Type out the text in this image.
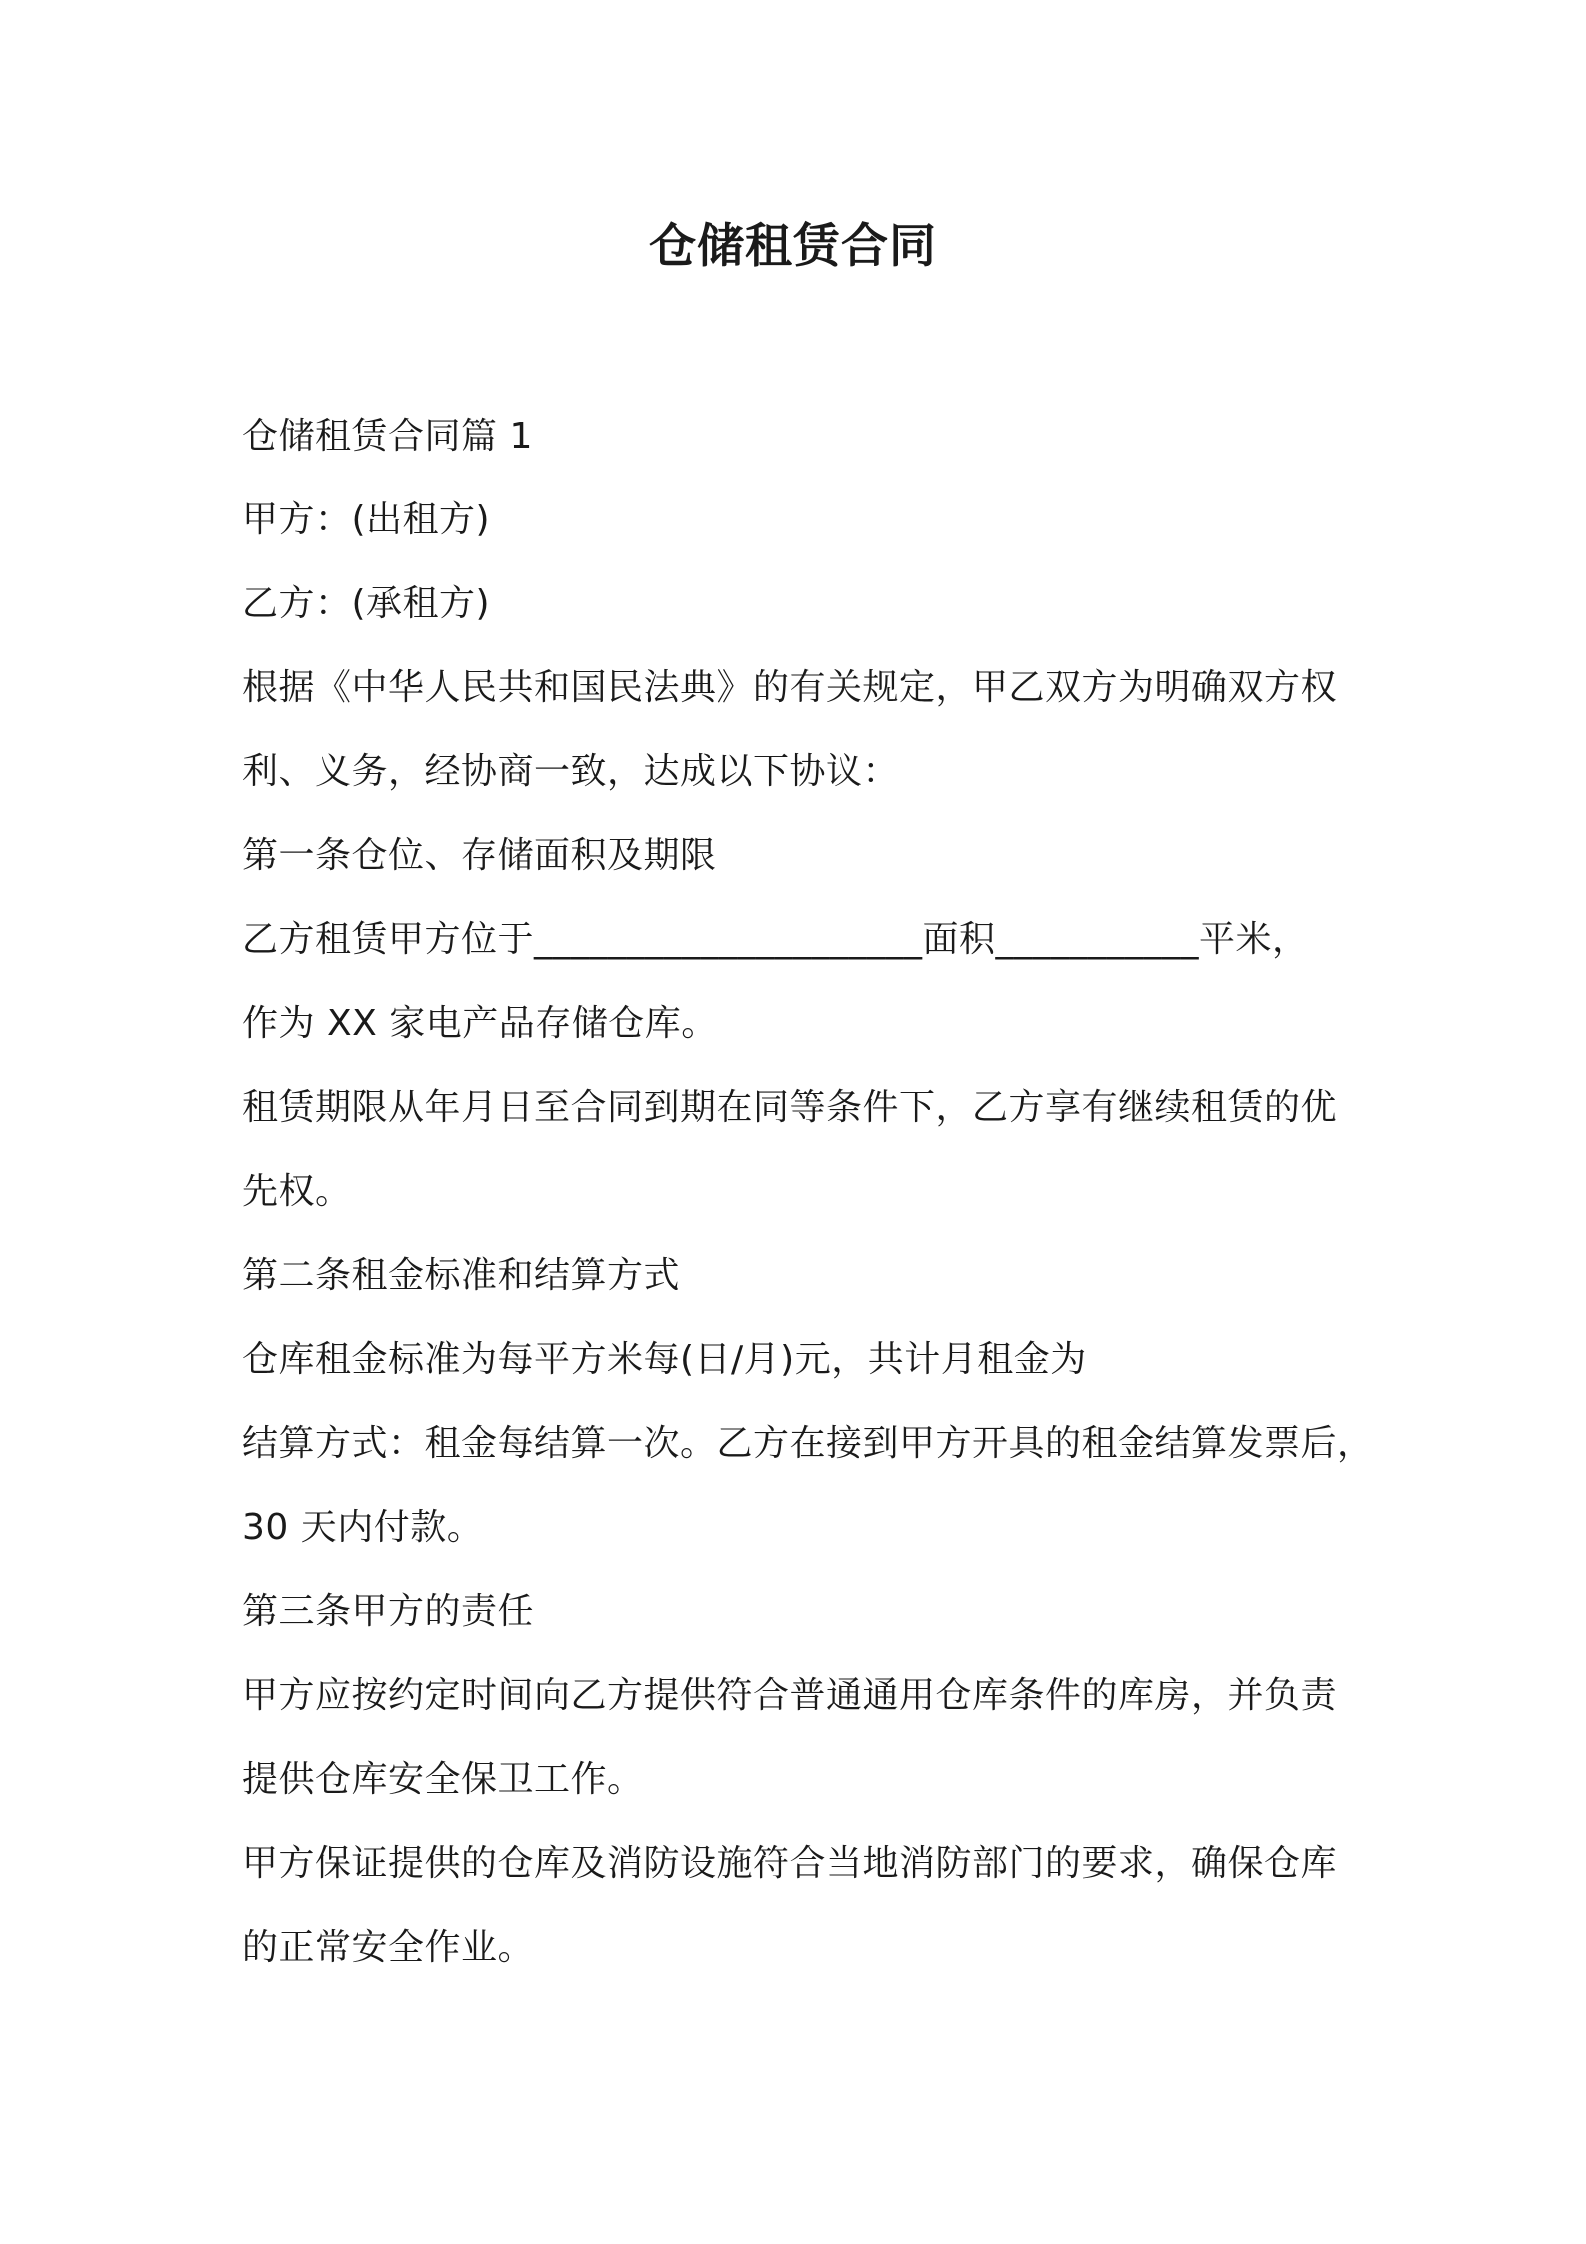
仓储租赁合同
仓储租赁合同篇 1
甲方：(出租方)
乙方：(承租方)
根据《中华人民共和国民法典》的有关规定，甲乙双方为明确双方权
利、义务，经协商一致，达成以下协议：
第一条仓位、存储面积及期限
乙方租赁甲方位于_____________________面积___________平米，
作为 XX 家电产品存储仓库。
租赁期限从年月日至合同到期在同等条件下，乙方享有继续租赁的优
先权。
第二条租金标准和结算方式
仓库租金标准为每平方米每(日/月)元，共计月租金为
结算方式：租金每结算一次。乙方在接到甲方开具的租金结算发票后，
30 天内付款。
第三条甲方的责任
甲方应按约定时间向乙方提供符合普通通用仓库条件的库房，并负责
提供仓库安全保卫工作。
甲方保证提供的仓库及消防设施符合当地消防部门的要求，确保仓库
的正常安全作业。
